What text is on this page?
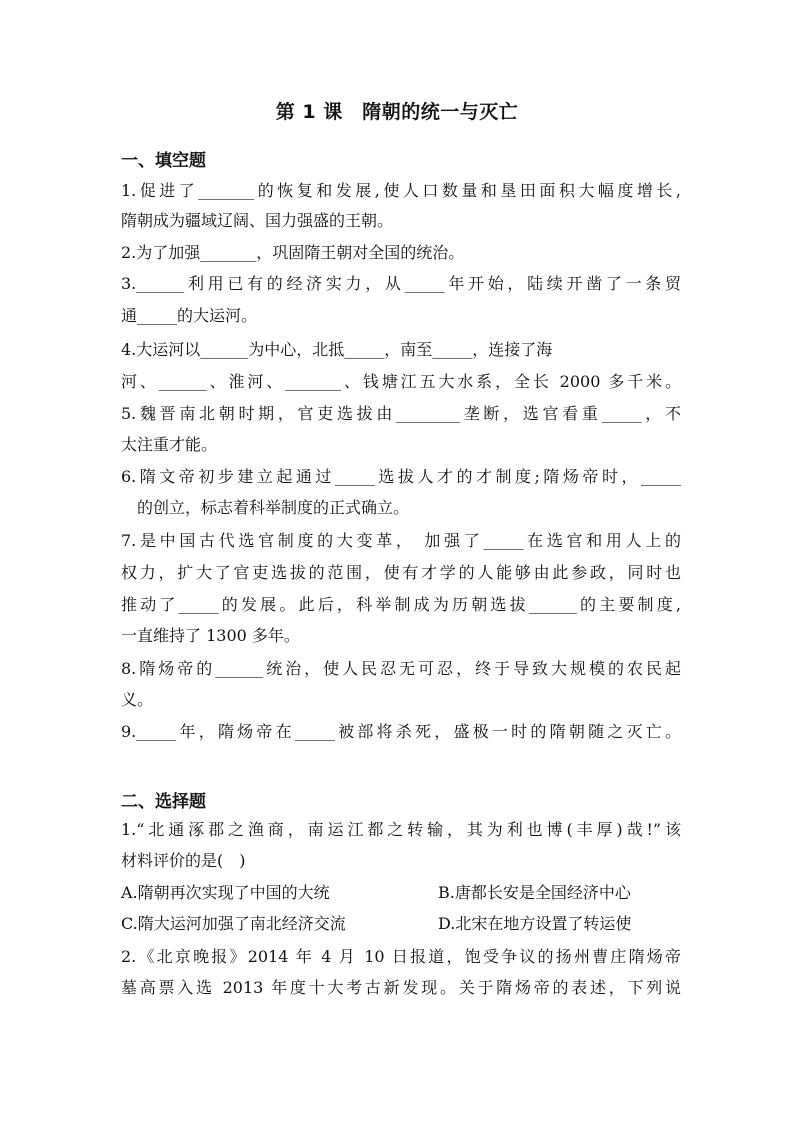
第 1 课　隋朝的统一与灭亡
一、填空题
1.促进了_______的恢复和发展,使人口数量和垦田面积大幅度增长,
隋朝成为疆域辽阔、国力强盛的王朝。
2.为了加强_______，巩固隋王朝对全国的统治。
3.______利用已有的经济实力，从_____年开始，陆续开凿了一条贸
通_____的大运河。
4.大运河以______为中心，北抵_____，南至_____，连接了海
河、______、淮河、_______、钱塘江五大水系，全长 2000 多千米。
5.魏晋南北朝时期，官吏选拔由________垄断，选官看重_____，不
太注重才能。
6.隋文帝初步建立起通过_____选拔人才的才制度;隋炀帝时，_____
的创立，标志着科举制度的正式确立。
7.是中国古代选官制度的大变革， 加强了_____在选官和用人上的
权力，扩大了官吏选拔的范围，使有才学的人能够由此参政，同时也
推动了_____的发展。此后，科举制成为历朝选拔______的主要制度,
一直维持了 1300 多年。
8.隋炀帝的______统治，使人民忍无可忍，终于导致大规模的农民起
义。
9._____年，隋炀帝在_____被部将杀死，盛极一时的隋朝随之灭亡。
二、选择题
1.“北通涿郡之渔商，南运江都之转输，其为利也博(丰厚)哉!”该
材料评价的是(　)
A.隋朝再次实现了中国的大统	B.唐都长安是全国经济中心
C.隋大运河加强了南北经济交流	D.北宋在地方设置了转运使
2.《北京晚报》2014 年 4 月 10 日报道，饱受争议的扬州曹庄隋炀帝
墓高票入选 2013 年度十大考古新发现。关于隋炀帝的表述，下列说
